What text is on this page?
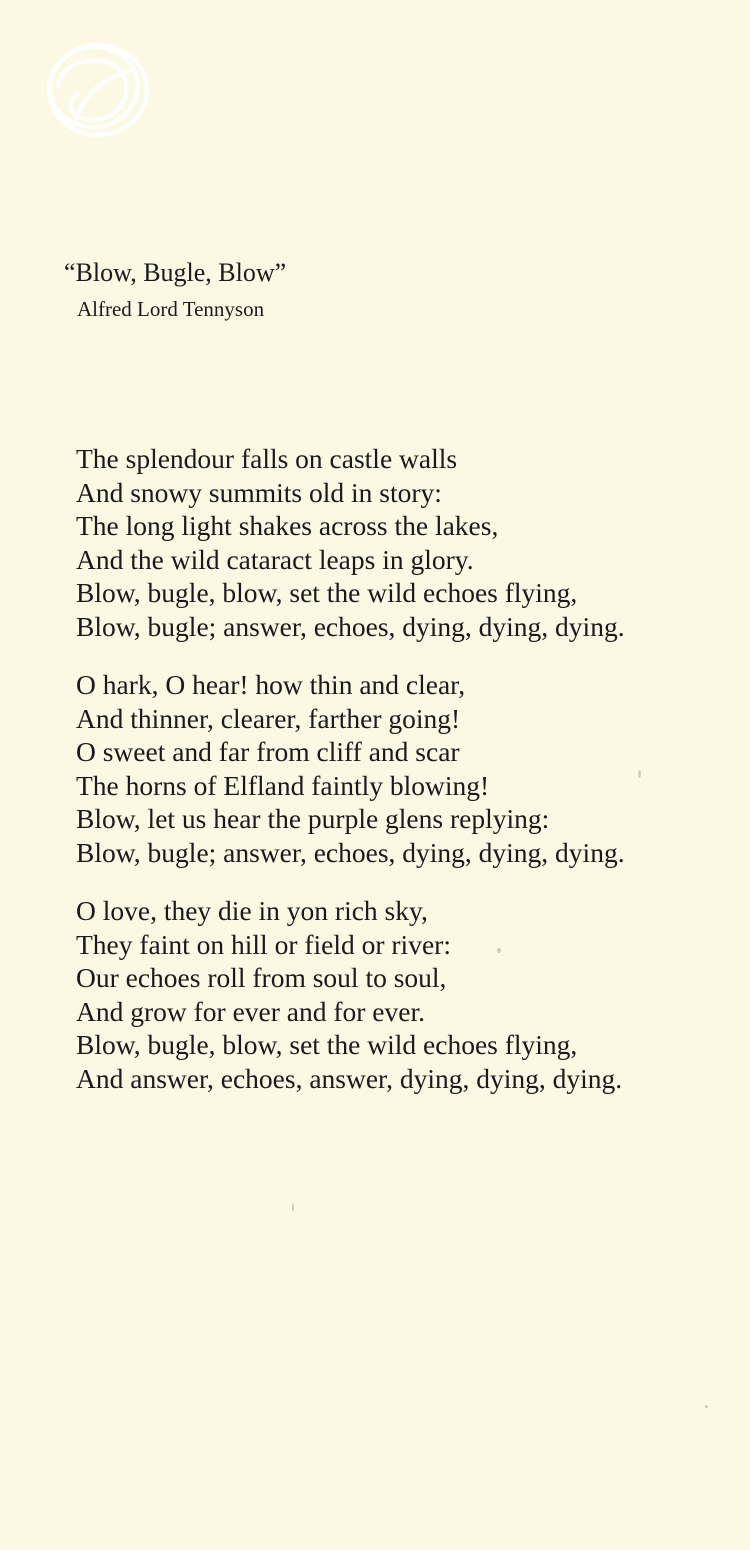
“Blow, Bugle, Blow”
Alfred Lord Tennyson
The splendour falls on castle walls
And snowy summits old in story:
The long light shakes across the lakes,
And the wild cataract leaps in glory.
Blow, bugle, blow, set the wild echoes flying,
Blow, bugle; answer, echoes, dying, dying, dying.
O hark, O hear! how thin and clear,
And thinner, clearer, farther going!
O sweet and far from cliff and scar
The horns of Elfland faintly blowing!
Blow, let us hear the purple glens replying:
Blow, bugle; answer, echoes, dying, dying, dying.
O love, they die in yon rich sky,
They faint on hill or field or river:
Our echoes roll from soul to soul,
And grow for ever and for ever.
Blow, bugle, blow, set the wild echoes flying,
And answer, echoes, answer, dying, dying, dying.
